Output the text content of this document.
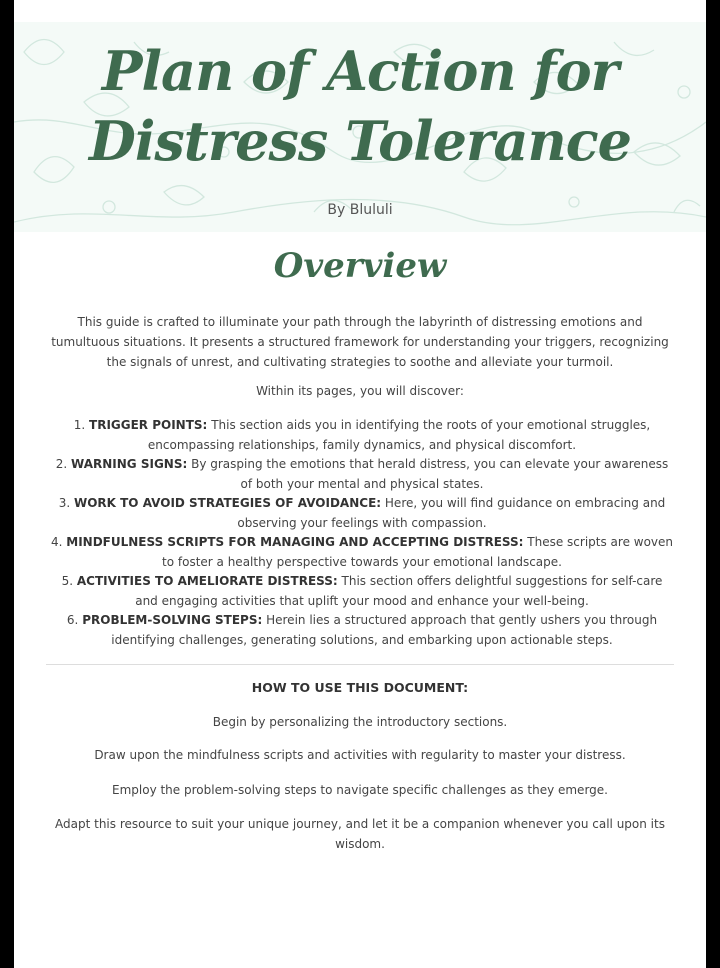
Plan of Action for
Distress Tolerance
By Blululi
Overview
This guide is crafted to illuminate your path through the labyrinth of distressing emotions and tumultuous situations. It presents a structured framework for understanding your triggers, recognizing the signals of unrest, and cultivating strategies to soothe and alleviate your turmoil.
Within its pages, you will discover:
1. TRIGGER POINTS: This section aids you in identifying the roots of your emotional struggles, encompassing relationships, family dynamics, and physical discomfort.
2. WARNING SIGNS: By grasping the emotions that herald distress, you can elevate your awareness of both your mental and physical states.
3. WORK TO AVOID STRATEGIES OF AVOIDANCE: Here, you will find guidance on embracing and observing your feelings with compassion.
4. MINDFULNESS SCRIPTS FOR MANAGING AND ACCEPTING DISTRESS: These scripts are woven to foster a healthy perspective towards your emotional landscape.
5. ACTIVITIES TO AMELIORATE DISTRESS: This section offers delightful suggestions for self-care and engaging activities that uplift your mood and enhance your well-being.
6. PROBLEM-SOLVING STEPS: Herein lies a structured approach that gently ushers you through identifying challenges, generating solutions, and embarking upon actionable steps.
HOW TO USE THIS DOCUMENT:
Begin by personalizing the introductory sections.
Draw upon the mindfulness scripts and activities with regularity to master your distress.
Employ the problem-solving steps to navigate specific challenges as they emerge.
Adapt this resource to suit your unique journey, and let it be a companion whenever you call upon its wisdom.
